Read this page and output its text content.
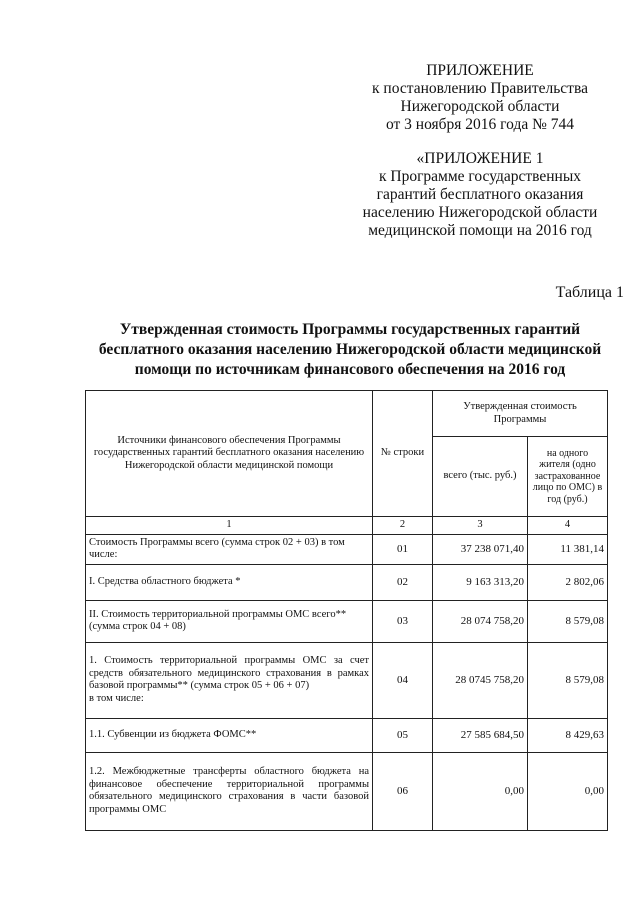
ПРИЛОЖЕНИЕ
к постановлению Правительства
Нижегородской области
от 3 ноября 2016 года № 744
«ПРИЛОЖЕНИЕ 1
к Программе государственных
гарантий бесплатного оказания
населению Нижегородской области
медицинской помощи на 2016 год
Таблица 1
Утвержденная стоимость Программы государственных гарантий
бесплатного оказания населению Нижегородской области медицинской
помощи по источникам финансового обеспечения на 2016 год
Источники финансового обеспечения Программы государственных гарантий бесплатного оказания населению Нижегородской области медицинской помощи	№ строки	Утвержденная стоимость Программы	
		всего (тыс. руб.)	на одного жителя (одно застрахованное лицо по ОМС) в год (руб.)
1	2	3	4
Стоимость Программы всего (сумма строк 02 + 03) в том числе:	01	37 238 071,40	11 381,14
I. Средства областного бюджета *	02	9 163 313,20	2 802,06
II. Стоимость территориальной программы ОМС всего** (сумма строк 04 + 08)	03	28 074 758,20	8 579,08

1. Стоимость территориальной программы ОМС за счет средств обязательного медицинского страхования в рамках базовой программы** (сумма строк 05 + 06 + 07)
в том числе:	04	28 0745 758,20	8 579,08
1.1. Субвенции из бюджета ФОМС**	05	27 585 684,50	8 429,63
1.2. Межбюджетные трансферты областного бюджета на финансовое обеспечение территориальной программы обязательного медицинского страхования в части базовой программы ОМС	06	0,00	0,00
